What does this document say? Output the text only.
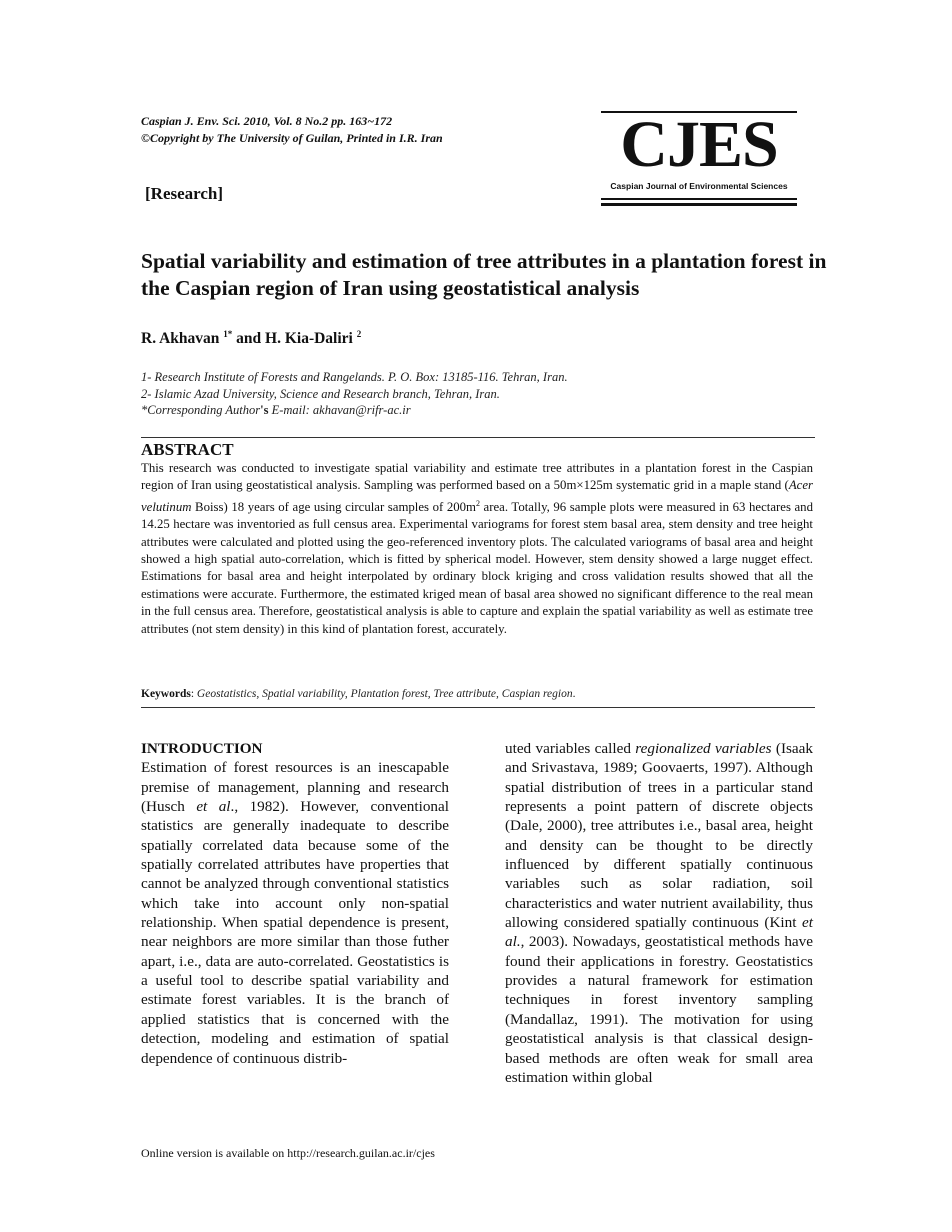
Caspian J. Env. Sci. 2010, Vol. 8 No.2 pp. 163~172
©Copyright by The University of Guilan, Printed in I.R. Iran
[Research]
CJES
Caspian Journal of Environmental Sciences
Spatial variability and estimation of tree attributes in a plantation forest in the Caspian region of Iran using geostatistical analysis
R. Akhavan $^{1*}$ and H. Kia-Daliri $^2$
1- Research Institute of Forests and Rangelands. P. O. Box: 13185-116. Tehran, Iran.
2- Islamic Azad University, Science and Research branch, Tehran, Iran.
*Corresponding Author's E-mail: akhavan@rifr-ac.ir
ABSTRACT
This research was conducted to investigate spatial variability and estimate tree attributes in a plantation forest in the Caspian region of Iran using geostatistical analysis. Sampling was performed based on a 50m×125m systematic grid in a maple stand (Acer velutinum Boiss) 18 years of age using circular samples of $200m^2$ area. Totally, 96 sample plots were measured in 63 hectares and 14.25 hectare was inventoried as full census area. Experimental variograms for forest stem basal area, stem density and tree height attributes were calculated and plotted using the geo-referenced inventory plots. The calculated variograms of basal area and height showed a high spatial auto-correlation, which is fitted by spherical model. However, stem density showed a large nugget effect. Estimations for basal area and height interpolated by ordinary block kriging and cross validation results showed that all the estimations were accurate. Furthermore, the estimated kriged mean of basal area showed no significant difference to the real mean in the full census area. Therefore, geostatistical analysis is able to capture and explain the spatial variability as well as estimate tree attributes (not stem density) in this kind of plantation forest, accurately.
Keywords: Geostatistics, Spatial variability, Plantation forest, Tree attribute, Caspian region.
INTRODUCTION
Estimation of forest resources is an inescapable premise of management, planning and research (Husch et al., 1982). However, conventional statistics are generally inadequate to describe spatially correlated data because some of the spatially correlated attributes have properties that cannot be analyzed through conventional statistics which take into account only non-spatial relationship. When spatial dependence is present, near neighbors are more similar than those futher apart, i.e., data are auto-correlated. Geostatistics is a useful tool to describe spatial variability and estimate forest variables. It is the branch of applied statistics that is concerned with the detection, modeling and estimation of spatial dependence of continuous distrib-
uted variables called regionalized variables (Isaak and Srivastava, 1989; Goovaerts, 1997). Although spatial distribution of trees in a particular stand represents a point pattern of discrete objects (Dale, 2000), tree attributes i.e., basal area, height and density can be thought to be directly influenced by different spatially continuous variables such as solar radiation, soil characteristics and water nutrient availability, thus allowing considered spatially continuous (Kint et al., 2003). Nowadays, geostatistical methods have found their applications in forestry. Geostatistics provides a natural framework for estimation techniques in forest inventory sampling (Mandallaz, 1991). The motivation for using geostatistical analysis is that classical design-based methods are often weak for small area estimation within global
Online version is available on http://research.guilan.ac.ir/cjes
